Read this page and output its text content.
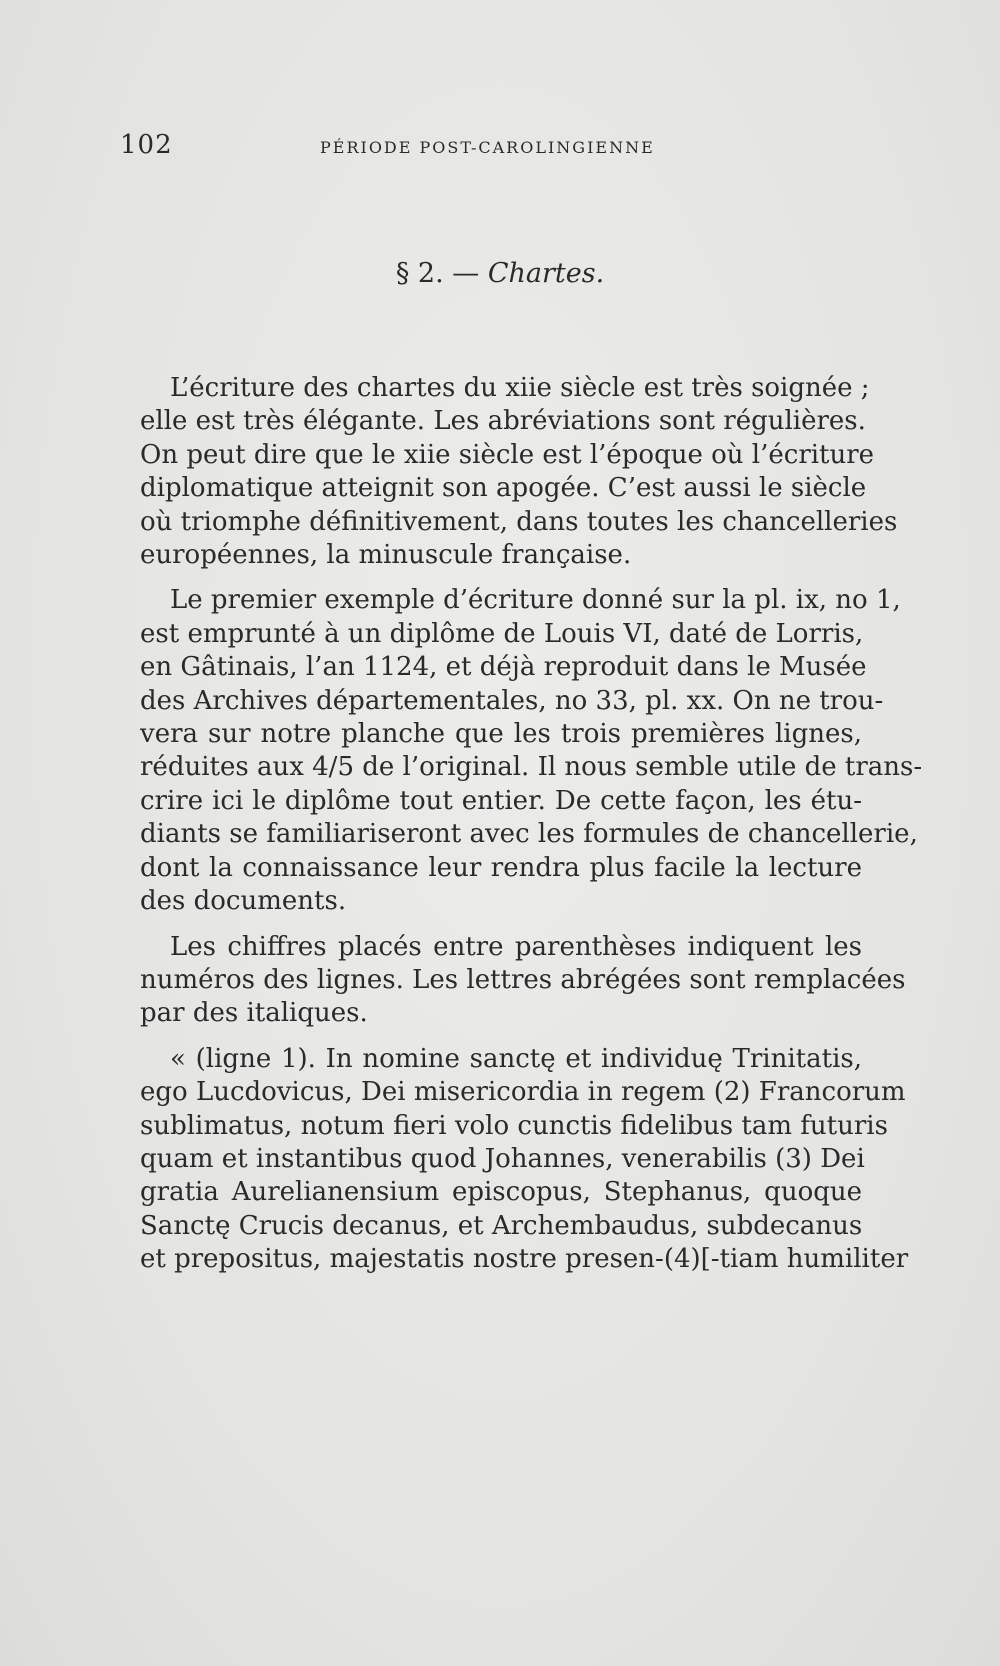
102	PÉRIODE POST-CAROLINGIENNE
§ 2. — Chartes.
L’écriture des chartes du xiie siècle est très soignée ;
elle est très élégante. Les abréviations sont régulières.
On peut dire que le xiie siècle est l’époque où l’écriture
diplomatique atteignit son apogée. C’est aussi le siècle
où triomphe définitivement, dans toutes les chancelleries
européennes, la minuscule française.
Le premier exemple d’écriture donné sur la pl. ix, no 1,
est emprunté à un diplôme de Louis VI, daté de Lorris,
en Gâtinais, l’an 1124, et déjà reproduit dans le Musée
des Archives départementales, no 33, pl. xx. On ne trou-
vera sur notre planche que les trois premières lignes,
réduites aux 4/5 de l’original. Il nous semble utile de trans-
crire ici le diplôme tout entier. De cette façon, les étu-
diants se familiariseront avec les formules de chancellerie,
dont la connaissance leur rendra plus facile la lecture
des documents.
Les chiffres placés entre parenthèses indiquent les
numéros des lignes. Les lettres abrégées sont remplacées
par des italiques.
« (ligne 1). In nomine sanctę et individuę Trinitatis,
ego Lucdovicus, Dei misericordia in regem (2) Francorum
sublimatus, notum fieri volo cunctis fidelibus tam futuris
quam et instantibus quod Johannes, venerabilis (3) Dei
gratia Aurelianensium episcopus, Stephanus, quoque
Sanctę Crucis decanus, et Archembaudus, subdecanus
et prepositus, majestatis nostre presen-(4)[-tiam humiliter
